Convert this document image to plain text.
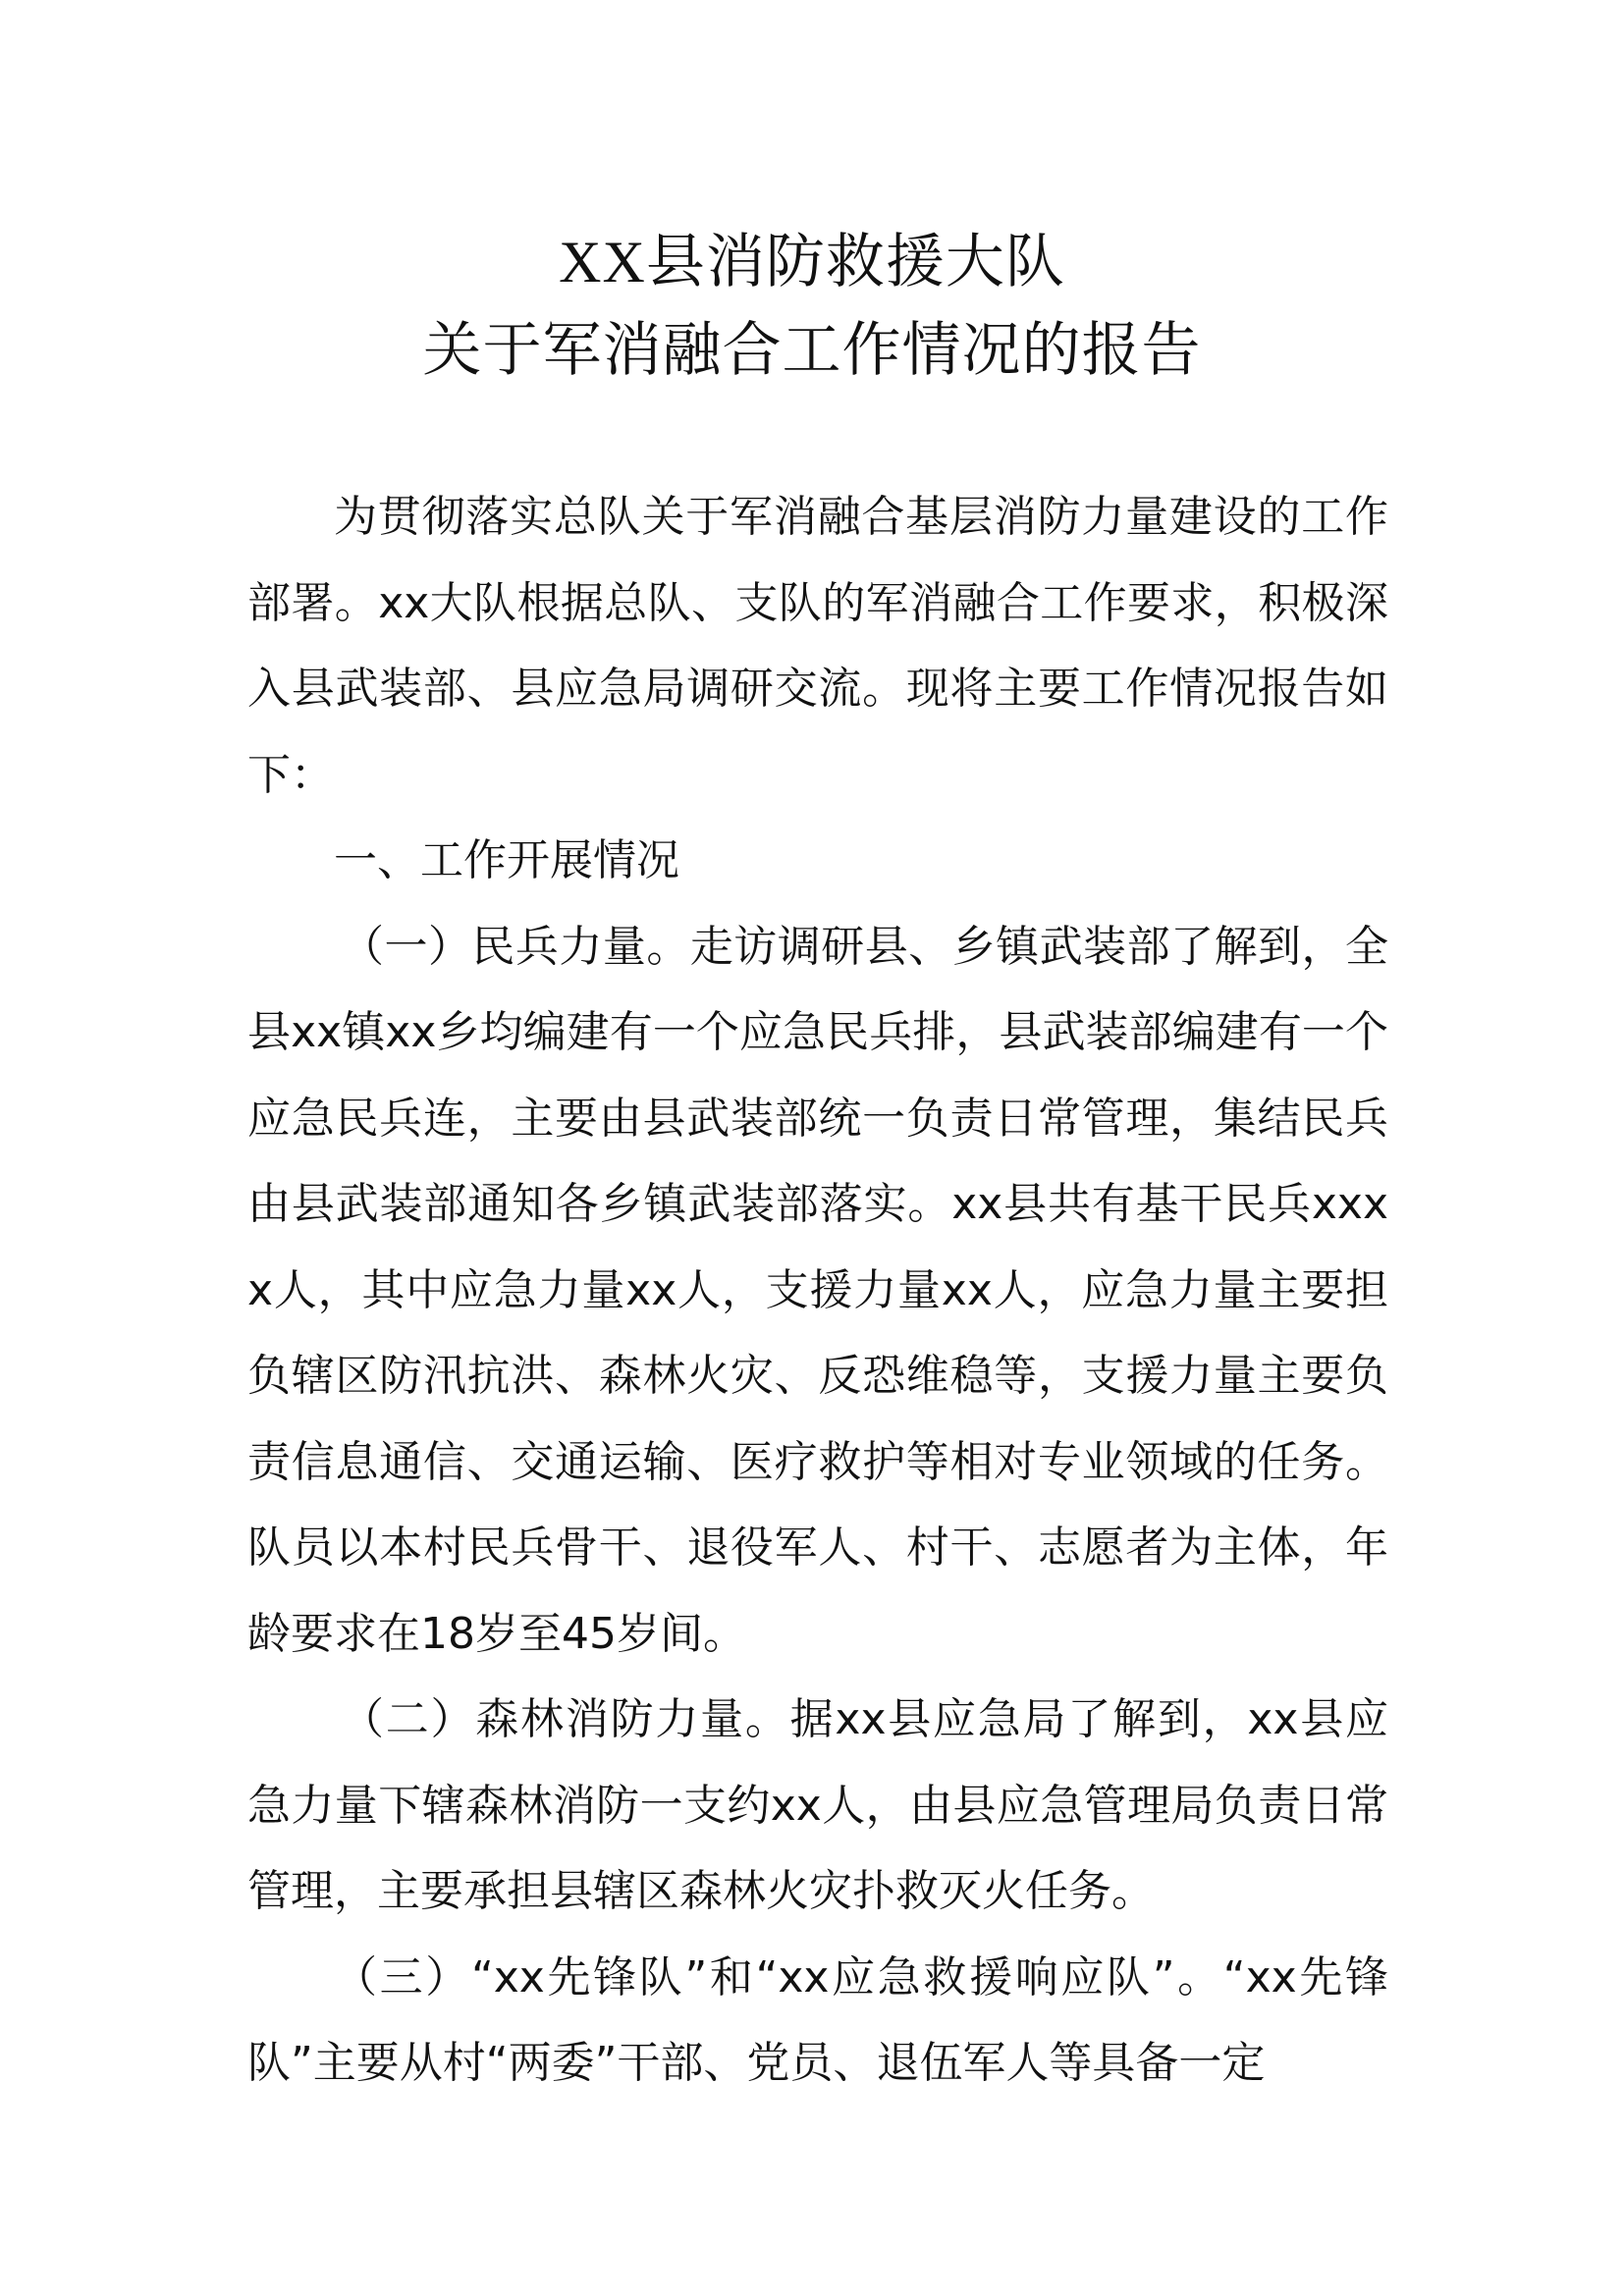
XX县消防救援大队
关于军消融合工作情况的报告

为贯彻落实总队关于军消融合基层消防力量建设的工作部署。xx大队根据总队、支队的军消融合工作要求，积极深入县武装部、县应急局调研交流。现将主要工作情况报告如下：

一、工作开展情况

（一）民兵力量。走访调研县、乡镇武装部了解到，全县xx镇xx乡均编建有一个应急民兵排，县武装部编建有一个应急民兵连，主要由县武装部统一负责日常管理，集结民兵由县武装部通知各乡镇武装部落实。xx县共有基干民兵xxxx人，其中应急力量xx人，支援力量xx人，应急力量主要担负辖区防汛抗洪、森林火灾、反恐维稳等，支援力量主要负责信息通信、交通运输、医疗救护等相对专业领域的任务。队员以本村民兵骨干、退役军人、村干、志愿者为主体，年龄要求在18岁至45岁间。

（二）森林消防力量。据xx县应急局了解到，xx县应急力量下辖森林消防一支约xx人，由县应急管理局负责日常管理，主要承担县辖区森林火灾扑救灭火任务。

（三）“xx先锋队”和“xx应急救援响应队”。“xx先锋队”主要从村“两委”干部、党员、退伍军人等具备一定
